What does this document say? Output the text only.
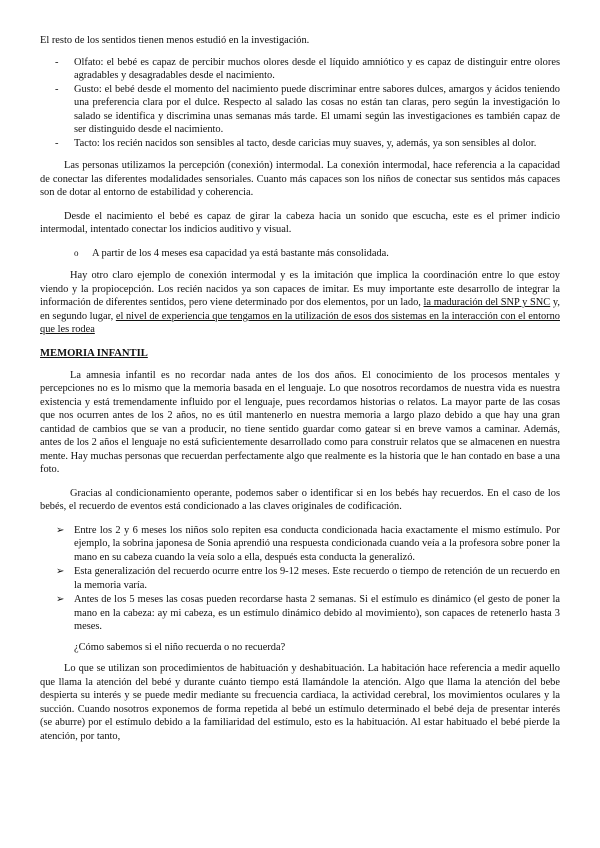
El resto de los sentidos tienen menos estudió en la investigación.

- Olfato: el bebé es capaz de percibir muchos olores desde el líquido amniótico y es capaz de distinguir entre olores agradables y desagradables desde el nacimiento.
- Gusto: el bebé desde el momento del nacimiento puede discriminar entre sabores dulces, amargos y ácidos teniendo una preferencia clara por el dulce. Respecto al salado las cosas no están tan claras, pero según la investigación lo salado se identifica y discrimina unas semanas más tarde. El umami según las investigaciones es también capaz de ser distinguido desde el nacimiento.
- Tacto: los recién nacidos son sensibles al tacto, desde caricias muy suaves, y, además, ya son sensibles al dolor.

Las personas utilizamos la percepción (conexión) intermodal. La conexión intermodal, hace referencia a la capacidad de conectar las diferentes modalidades sensoriales. Cuanto más capaces son los niños de conectar sus sentidos más capaces son de dotar al entorno de estabilidad y coherencia.

Desde el nacimiento el bebé es capaz de girar la cabeza hacia un sonido que escucha, este es el primer indicio intermodal, intentado conectar los indicios auditivo y visual.

o A partir de los 4 meses esa capacidad ya está bastante más consolidada.

Hay otro claro ejemplo de conexión intermodal y es la imitación que implica la coordinación entre lo que estoy viendo y la propiocepción. Los recién nacidos ya son capaces de imitar. Es muy importante este desarrollo de integrar la información de diferentes sentidos, pero viene determinado por dos elementos, por un lado, la maduración del SNP y SNC y, en segundo lugar, el nivel de experiencia que tengamos en la utilización de esos dos sistemas en la interacción con el entorno que les rodea

MEMORIA INFANTIL

La amnesia infantil es no recordar nada antes de los dos años. El conocimiento de los procesos mentales y percepciones no es lo mismo que la memoria basada en el lenguaje. Lo que nosotros recordamos de nuestra vida es nuestra existencia y está tremendamente influido por el lenguaje, pues recordamos historias o relatos. La mayor parte de las cosas que nos ocurren antes de los 2 años, no es útil mantenerlo en nuestra memoria a largo plazo debido a que hay una gran cantidad de cambios que se van a producir, no tiene sentido guardar como gatear si en breve vamos a caminar. Además, antes de los 2 años el lenguaje no está suficientemente desarrollado como para construir relatos que se almacenen en nuestra mente. Hay muchas personas que recuerdan perfectamente algo que realmente es la historia que le han contado en base a una foto.

Gracias al condicionamiento operante, podemos saber o identificar si en los bebés hay recuerdos. En el caso de los bebés, el recuerdo de eventos está condicionado a las claves originales de codificación.

➢ Entre los 2 y 6 meses los niños solo repiten esa conducta condicionada hacia exactamente el mismo estímulo. Por ejemplo, la sobrina japonesa de Sonia aprendió una respuesta condicionada cuando veía a la profesora sobre poner la mano en su cabeza cuando la veía solo a ella, después esta conducta la generalizó.
➢ Esta generalización del recuerdo ocurre entre los 9-12 meses. Este recuerdo o tiempo de retención de un recuerdo en la memoria varía.
➢ Antes de los 5 meses las cosas pueden recordarse hasta 2 semanas. Si el estímulo es dinámico (el gesto de poner la mano en la cabeza: ay mi cabeza, es un estímulo dinámico debido al movimiento), son capaces de retenerlo hasta 3 meses.

¿Cómo sabemos si el niño recuerda o no recuerda?

Lo que se utilizan son procedimientos de habituación y deshabituación. La habitación hace referencia a medir aquello que llama la atención del bebé y durante cuánto tiempo está llamándole la atención. Algo que llama la atención del bebe despierta su interés y se puede medir mediante su frecuencia cardiaca, la actividad cerebral, los movimientos oculares y la succión. Cuando nosotros exponemos de forma repetida al bebé un estímulo determinado el bebé deja de presentar interés (se aburre) por el estímulo debido a la familiaridad del estímulo, esto es la habituación. Al estar habituado el bebé pierde la atención, por tanto,
